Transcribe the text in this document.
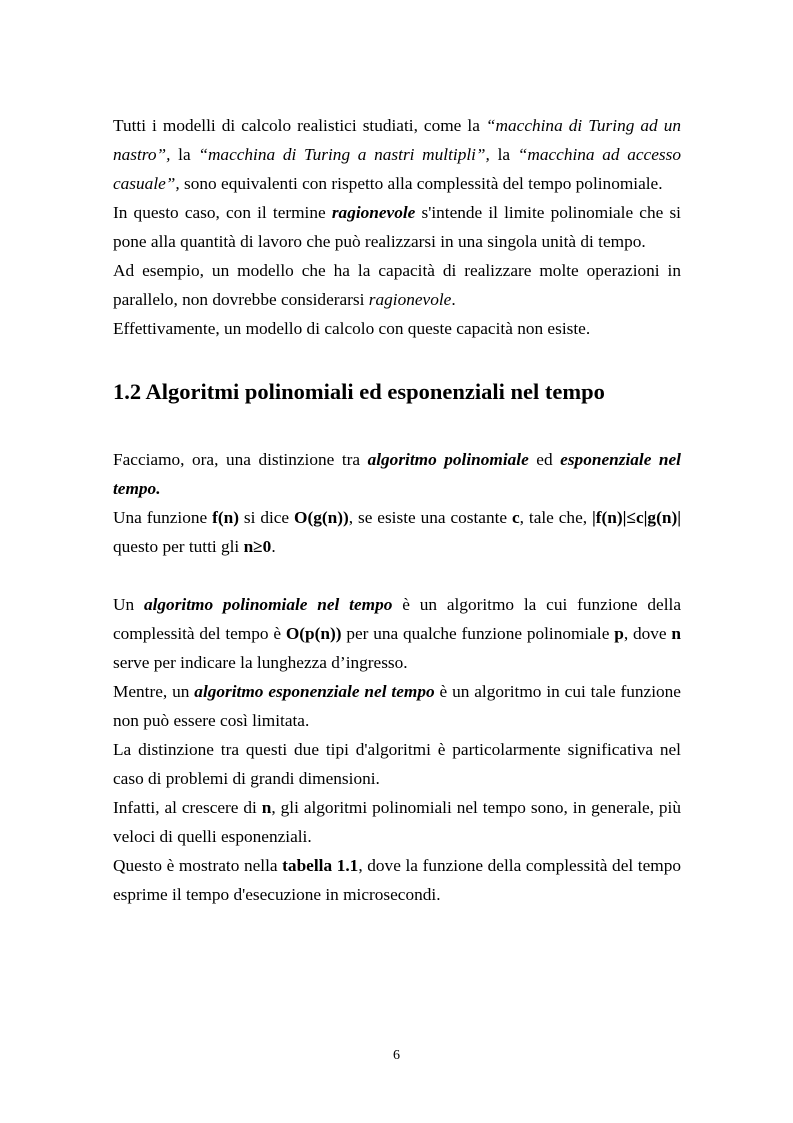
Tutti i modelli di calcolo realistici studiati, come la “macchina di Turing ad un nastro”, la “macchina di Turing a nastri multipli”, la “macchina ad accesso casuale”, sono equivalenti con rispetto alla complessità del tempo polinomiale.

In questo caso, con il termine ragionevole s'intende il limite polinomiale che si pone alla quantità di lavoro che può realizzarsi in una singola unità di tempo.

Ad esempio, un modello che ha la capacità di realizzare molte operazioni in parallelo, non dovrebbe considerarsi ragionevole.

Effettivamente, un modello di calcolo con queste capacità non esiste.

1.2 Algoritmi polinomiali ed esponenziali nel tempo

Facciamo, ora, una distinzione tra algoritmo polinomiale ed esponenziale nel tempo.

Una funzione f(n) si dice O(g(n)), se esiste una costante c, tale che, |f(n)|≤c|g(n)| questo per tutti gli n≥0.

Un algoritmo polinomiale nel tempo è un algoritmo la cui funzione della complessità del tempo è O(p(n)) per una qualche funzione polinomiale p, dove n serve per indicare la lunghezza d’ingresso.

Mentre, un algoritmo esponenziale nel tempo è un algoritmo in cui tale funzione non può essere così limitata.

La distinzione tra questi due tipi d'algoritmi è particolarmente significativa nel caso di problemi di grandi dimensioni.

Infatti, al crescere di n, gli algoritmi polinomiali nel tempo sono, in generale, più veloci di quelli esponenziali.

Questo è mostrato nella tabella 1.1, dove la funzione della complessità del tempo esprime il tempo d'esecuzione in microsecondi.

6
